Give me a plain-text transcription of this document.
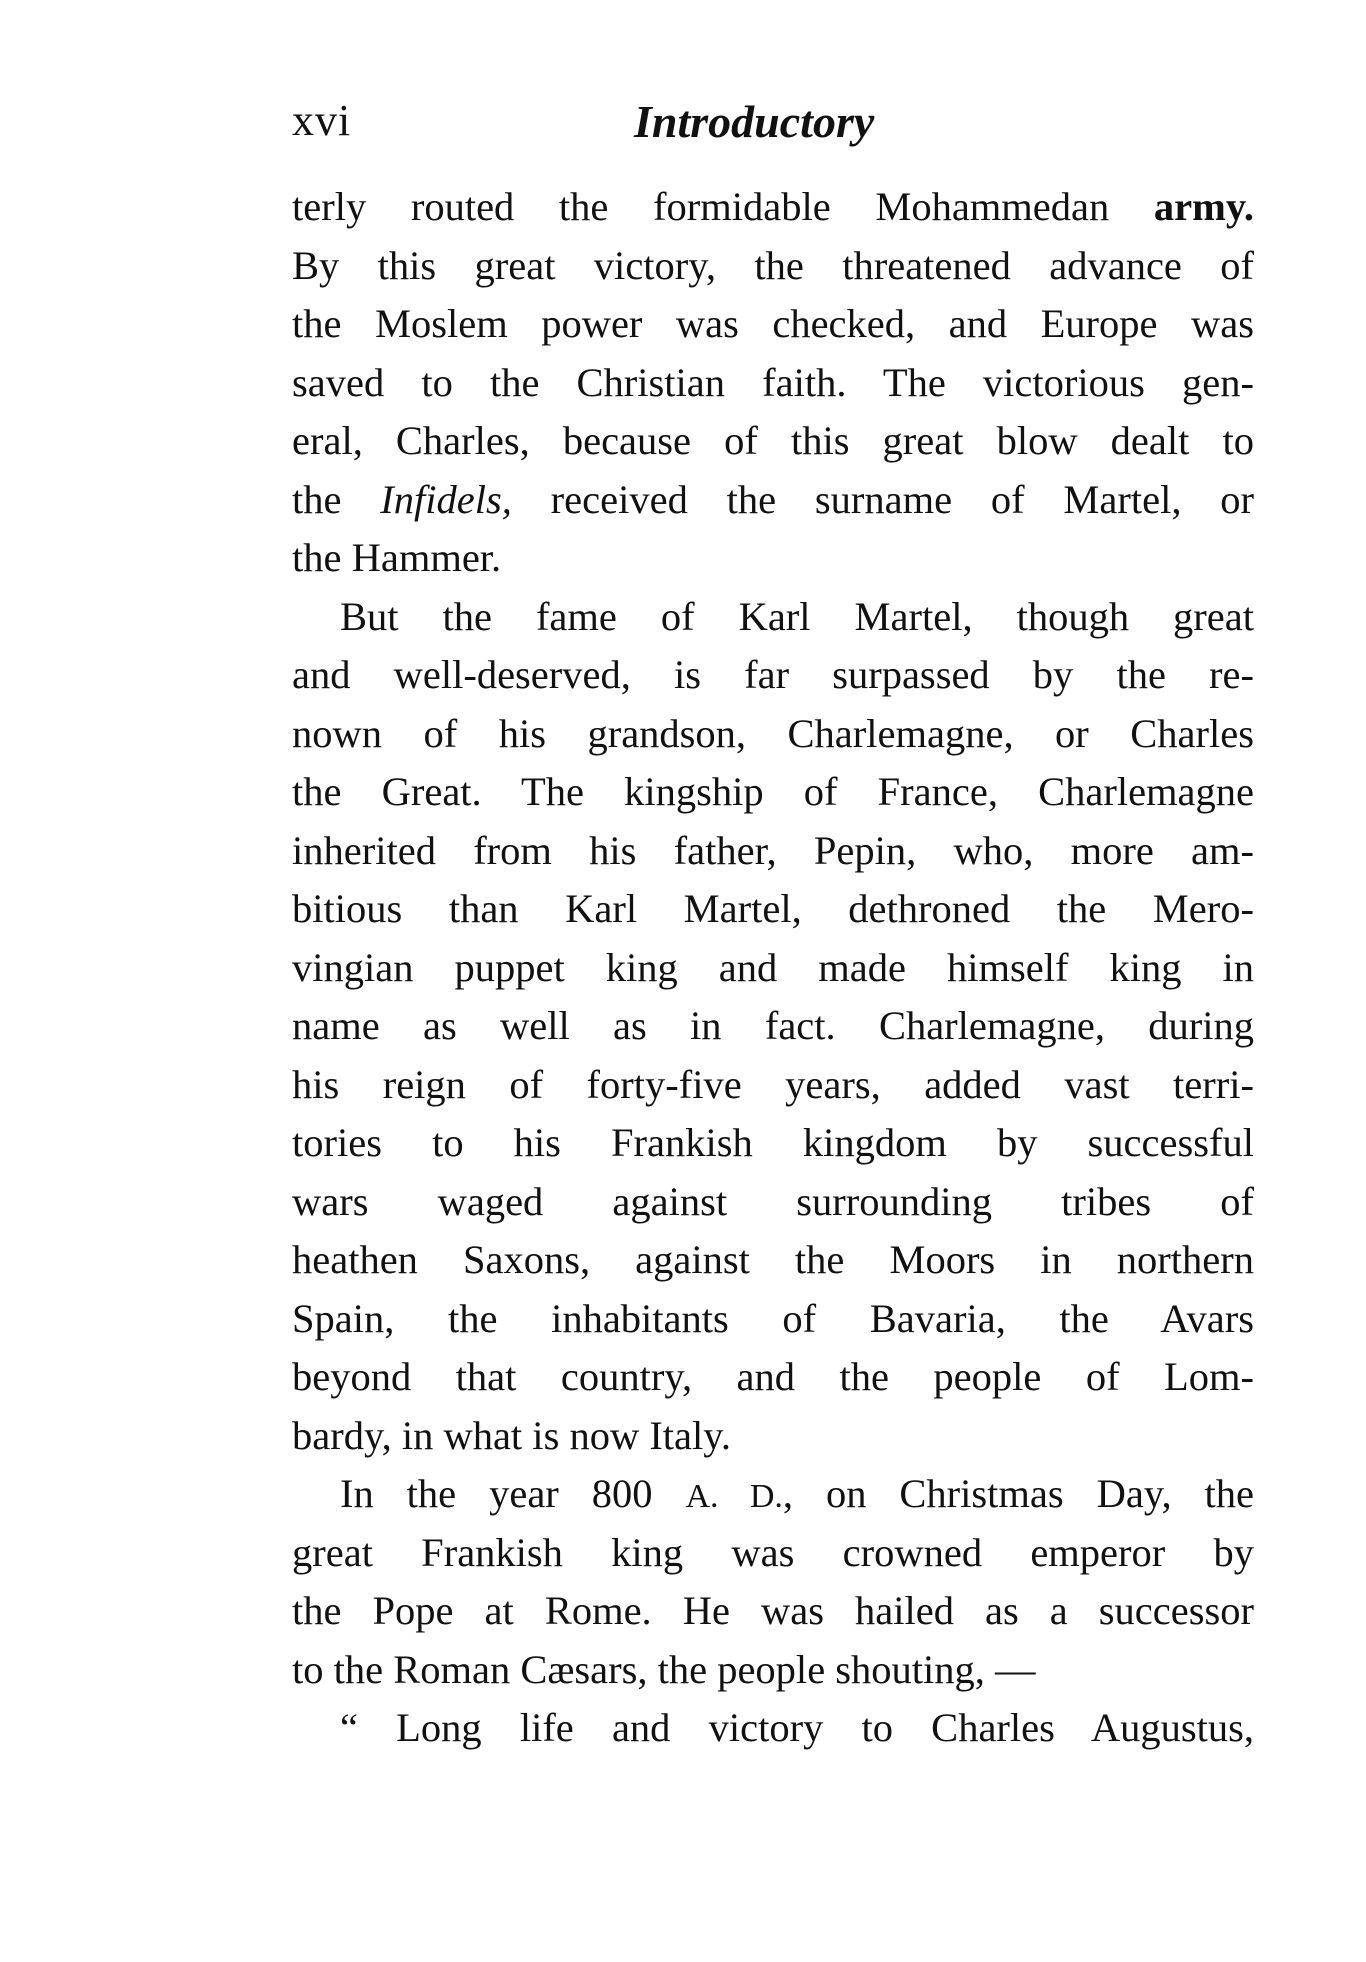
xvi	Introductory
terly routed the formidable Mohammedan army.
By this great victory, the threatened advance of
the Moslem power was checked, and Europe was
saved to the Christian faith. The victorious gen-
eral, Charles, because of this great blow dealt to
the Infidels, received the surname of Martel, or
the Hammer.
But the fame of Karl Martel, though great
and well-deserved, is far surpassed by the re-
nown of his grandson, Charlemagne, or Charles
the Great. The kingship of France, Charlemagne
inherited from his father, Pepin, who, more am-
bitious than Karl Martel, dethroned the Mero-
vingian puppet king and made himself king in
name as well as in fact. Charlemagne, during
his reign of forty-five years, added vast terri-
tories to his Frankish kingdom by successful
wars waged against surrounding tribes of
heathen Saxons, against the Moors in northern
Spain, the inhabitants of Bavaria, the Avars
beyond that country, and the people of Lom-
bardy, in what is now Italy.
In the year 800 A. D., on Christmas Day, the
great Frankish king was crowned emperor by
the Pope at Rome. He was hailed as a successor
to the Roman Cæsars, the people shouting, —
“ Long life and victory to Charles Augustus,
